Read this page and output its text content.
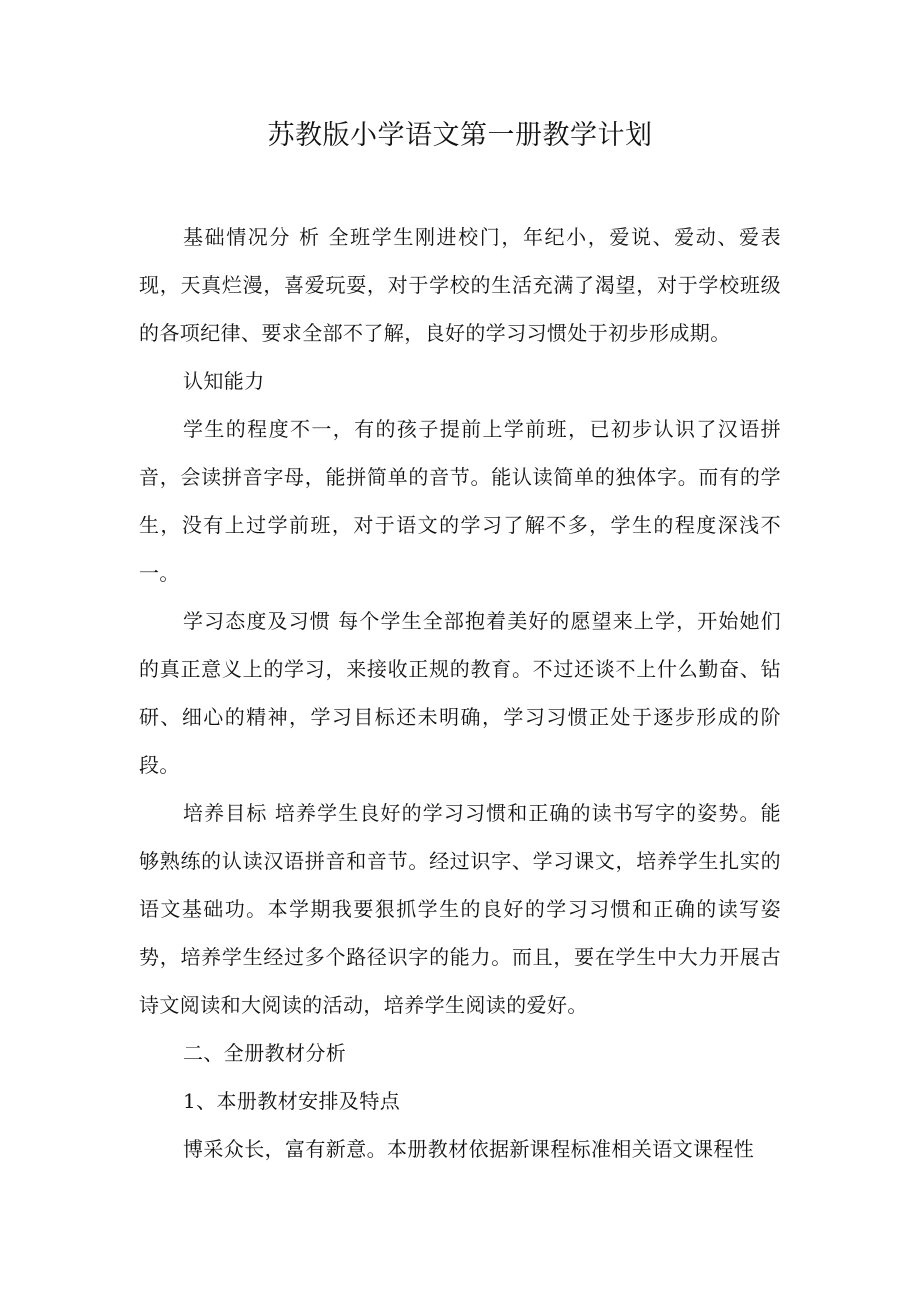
苏教版小学语文第一册教学计划

基础情况分 析 全班学生刚进校门，年纪小，爱说、爱动、爱表现，天真烂漫，喜爱玩耍，对于学校的生活充满了渴望，对于学校班级的各项纪律、要求全部不了解，良好的学习习惯处于初步形成期。

认知能力

学生的程度不一，有的孩子提前上学前班，已初步认识了汉语拼音，会读拼音字母，能拼简单的音节。能认读简单的独体字。而有的学生，没有上过学前班，对于语文的学习了解不多，学生的程度深浅不一。

学习态度及习惯 每个学生全部抱着美好的愿望来上学，开始她们的真正意义上的学习，来接收正规的教育。不过还谈不上什么勤奋、钻研、细心的精神，学习目标还未明确，学习习惯正处于逐步形成的阶段。

培养目标 培养学生良好的学习习惯和正确的读书写字的姿势。能够熟练的认读汉语拼音和音节。经过识字、学习课文，培养学生扎实的语文基础功。本学期我要狠抓学生的良好的学习习惯和正确的读写姿势，培养学生经过多个路径识字的能力。而且，要在学生中大力开展古诗文阅读和大阅读的活动，培养学生阅读的爱好。

二、全册教材分析

1、本册教材安排及特点

博采众长，富有新意。本册教材依据新课程标准相关语文课程性
